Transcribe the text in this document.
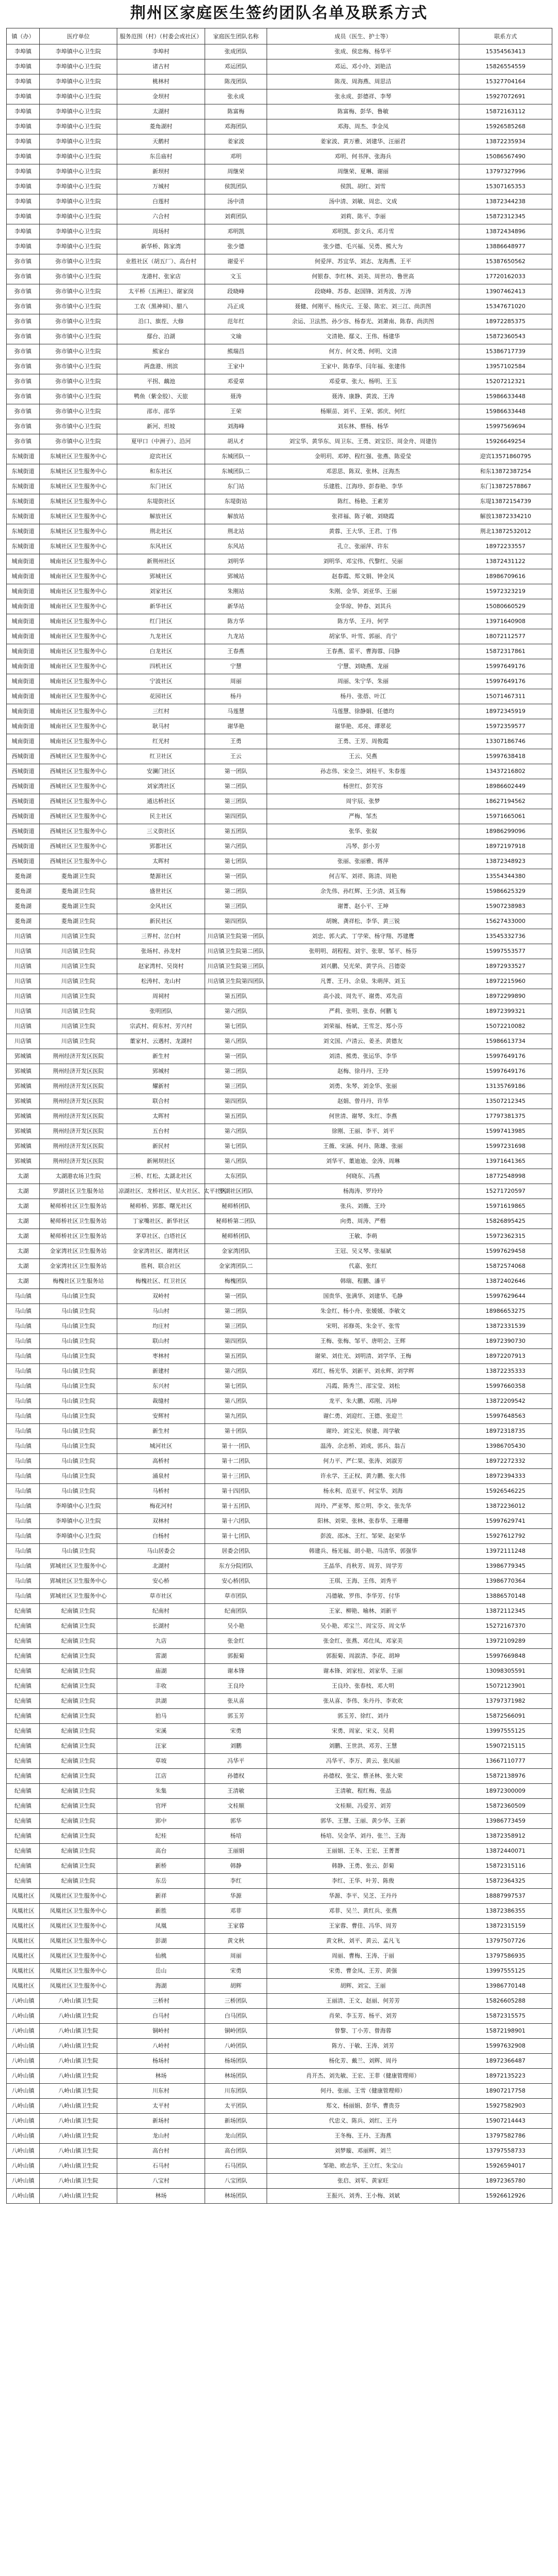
荆州区家庭医生签约团队名单及联系方式
镇（办）	医疗单位	服务范围（村）（村委会或社区）	家庭医生团队名称	成员（医生、护士等）	联系方式
李埠镇	李埠镇中心卫生院	李埠村	张成团队	张成、侯忠梅、杨华平	15354563413
李埠镇	李埠镇中心卫生院	诸古村	邓运团队	邓运、邓小玲、刘艳洁	15826554559
李埠镇	李埠镇中心卫生院	桃林村	陈茂团队	陈茂、周海燕、周思洁	15327704164
李埠镇	李埠镇中心卫生院	金坝村	张永成	张永成、彭德祥、李琴	15927072691
李埠镇	李埠镇中心卫生院	太湖村	陈富梅	陈富梅、彭华、鲁敏	15872163112
李埠镇	李埠镇中心卫生院	菱角湖村	邓海团队	邓海、周杰、李金凤	15926585268
李埠镇	李埠镇中心卫生院	天鹅村	姜家波	姜家波、黄万雅、刘建华、汪丽君	13872235934
李埠镇	李埠镇中心卫生院	东岳庙村	邓明	邓明、何书萍、张海兵	15086567490
李埠镇	李埠镇中心卫生院	新坝村	周继荣	周继荣、夏琳、谢丽	13797327996
李埠镇	李埠镇中心卫生院	万城村	侯凯团队	侯凯、胡红、刘雪	15307165353
李埠镇	李埠镇中心卫生院	白莲村	汤中清	汤中清、刘敏、周忠、文成	13872344238
李埠镇	李埠镇中心卫生院	六合村	刘莉团队	刘莉、陈平、李丽	15872312345
李埠镇	李埠镇中心卫生院	周场村	邓明凯	邓明凯、彭文兵、邓月雪	13872434896
李埠镇	李埠镇中心卫生院	新华桥、陈家湾	张少德	张少德、毛兴福、吴勇、熊大为	13886648977
弥市镇	弥市镇中心卫生院	业胜社区（胡五厂）、高台村	谢爱平	何爱萍、苏宜华、刘志、龙海燕、王平	15387650562
弥市镇	弥市镇中心卫生院	龙港村、张家店	文玉	何银春、李红林、刘美、周世功、鲁世高	17720162033
弥市镇	弥市镇中心卫生院	太平桥（五洲庄）、谢家岗	段晓峰	段晓峰、苏春、赵国锋、刘秀波、万涛	13907462413
弥市镇	弥市镇中心卫生院	工农（黑神祠）、腊八	冯正成	聂健、何刚平、杨庆元、王晏、陈宏、刘三江、尚洪图	15347671020
弥市镇	弥市镇中心卫生院	沿口、旗茬、大修	范年红	余运、卫法然、孙少容、杨春光、刘萧南、陈春、尚洪图	18972285375
弥市镇	弥市镇中心卫生院	鄢台、泊湖	文瑜	文清艳、鄢义、王伟、杨建华	15872360543
弥市镇	弥市镇中心卫生院	熊家台	熊瑞昌	何方、何文勇、何明、文清	15386717739
弥市镇	弥市镇中心卫生院	两盘港、刑滨	王家中	王家中、陈春华、闫年福、张建伟	13957102584
弥市镇	弥市镇中心卫生院	平拐、藕池	邓爱章	邓爱章、张大、杨明、王玉	15207212321
弥市镇	弥市镇中心卫生院	鸭鱼（紫金胶）、天旅	聂涛	聂涛、康静、黄波、王涛	15986633448
弥市镇	弥市镇中心卫生院	邵市、邵华	王荣	杨顺苗、刘平、王荣、郭庆、何红	15986633448
弥市镇	弥市镇中心卫生院	新河、坦坡	刘海峰	刘东林、蔡杨、杨华	15997569694
弥市镇	弥市镇中心卫生院	夏甲口（中洲子）、沿河	胡从才	刘宝华、黄华东、周卫东、王勇、刘宝臣、周金舟、周建仿	15926649254
东城街道	东城社区卫生服务中心	迎宾社区	东城团队一	金明玥、邓婷、程红强、张燕、陈爱莹	迎宾13571860795
东城街道	东城社区卫生服务中心	和东社区	东城团队二	邓思思、陈双、张林、汪海杰	和东13872387254
东城街道	东城社区卫生服务中心	东门社区	东门站	乐建胜、江海珍、彭春艳、李华	东门13872578867
东城街道	东城社区卫生服务中心	东堤街社区	东堤街站	陈红、杨艳、王素芳	东堤13872154739
东城街道	东城社区卫生服务中心	解放社区	解放站	张祥福、陈子敏、刘晓霞	解放13872334210
东城街道	东城社区卫生服务中心	荆北社区	荆北站	黄蓉、王大华、王君、丁伟	荆北13872532012
东城街道	东城社区卫生服务中心	东风社区	东风站	孔立、张丽萍、许东	18972233557
城南街道	城南社区卫生服务中心	新荆州社区	刘明华	刘明华、邓宝伟、代黎红、吴丽	13872431122
城南街道	城南社区卫生服务中心	郢城社区	郢城站	赵春霞、郑文娟、钟金凤	18986709616
城南街道	城南社区卫生服务中心	刘家社区	朱刚站	朱刚、金华、刘亚华、王丽	15972323219
城南街道	城南社区卫生服务中心	新华社区	新华站	金华琼、钟春、刘其兵	15080660529
城南街道	城南社区卫生服务中心	红门社区	陈方华	陈方华、王丹、何学	13971640908
城南街道	城南社区卫生服务中心	九龙社区	九龙站	胡家华、叶雪、郭丽、肖宁	18072112577
城南街道	城南社区卫生服务中心	白龙社区	王春燕	王春燕、雷平、曹海蓉、闫静	15872317861
城南街道	城南社区卫生服务中心	四机社区	宁慧	宁慧、刘晓燕、龙丽	15997649176
城南街道	城南社区卫生服务中心	宁波社区	周丽	周丽、朱宁华、朱丽	15997649176
城南街道	城南社区卫生服务中心	花园社区	杨丹	杨丹、张蓓、叶江	15071467311
城南街道	城南社区卫生服务中心	三红村	马莲慧	马莲慧、徐静娟、任德均	18972345919
城南街道	城南社区卫生服务中心	耿马村	谢华艳	谢华艳、邓亮、谭翠花	15972359577
城南街道	城南社区卫生服务中心	红光村	王勇	王勇、王芳、周俊霞	13307186746
西城街道	西城社区卫生服务中心	红卫社区	王云	王云、吴燕	15997638418
西城街道	西城社区卫生服务中心	安澜门社区	第一团队	孙志伟、宋金兰、刘桂平、朱春莲	13437216802
西城街道	西城社区卫生服务中心	刘家湾社区	第二团队	杨世红、彭芙容	18986602449
西城街道	西城社区卫生服务中心	通达桥社区	第三团队	周宇辰、张梦	18627194562
西城街道	西城社区卫生服务中心	民主社区	第四团队	严梅、邹杰	15971665061
西城街道	西城社区卫生服务中心	三义街社区	第五团队	张华、张叙	18986299096
西城街道	西城社区卫生服务中心	郢都社区	第六团队	冯琴、彭小芳	18972197918
西城街道	西城社区卫生服务中心	太晖村	第七团队	张丽、张丽雅、蒋萍	13872348923
菱角湖	菱角湖卫生院	楚源社区	第一团队	何吉军、刘祥、陈清、周艳	13554344380
菱角湖	菱角湖卫生院	盛世社区	第二团队	余先伟、孙红辉、王少清、刘玉梅	15986625329
菱角湖	菱角湖卫生院	金风社区	第三团队	谢菁、赵小平、王坤	15907238983
菱角湖	菱角湖卫生院	新民社区	第四团队	胡婉、龚祥松、李华、黄三锐	15627433000
川店镇	川店镇卫生院	三界村、岔白村	川店镇卫生院第一团队	刘忠、郭大武、丁学荣、杨守翔、苏建鹰	13545332736
川店镇	川店镇卫生院	张场村、孙龙村	川店镇卫生院第二团队	张明明、胡程程、刘宇、张翠、邹平、杨芬	15997553577
川店镇	川店镇卫生院	赵家湾村、吴岗村	川店镇卫生院第三团队	刘兴鹏、吴光荣、黄学兵、吕德姿	18972933527
川店镇	川店镇卫生院	松涛村、龙山村	川店镇卫生院第四团队	凡菁、王丹、余泉、朱萌萍、刘玉	18972215960
川店镇	川店镇卫生院	周祠村	第五团队	高小波、周先平、谢勇、邓先苗	18972299890
川店镇	川店镇卫生院	张明团队	第六团队	严莉、张明、张春、何鹏飞	18972399321
川店镇	川店镇卫生院	宗武村、荷东村、芳兴村	第七团队	刘荣福、杨斌、王雪芝、郑小芬	15072210082
川店镇	川店镇卫生院	董家村、云遇村、龙湖村	第八团队	刘文国、卢清云、姜圣、黄德友	15986613734
郢城镇	荆州经济开发区医院	新生村	第一团队	刘清、熊勇、张运华、李华	15997649176
郢城镇	荆州经济开发区医院	郢城村	第二团队	赵梅、徐丹丹、王玲	15997649176
郢城镇	荆州经济开发区医院	耀新村	第三团队	刘勇、朱琴、刘金华、张丽	13135769186
郢城镇	荆州经济开发区医院	联合村	第四团队	赵娟、曾丹丹、许华	13507212345
郢城镇	荆州经济开发区医院	太晖村	第五团队	何世清、谢琴、朱红、李燕	17797381375
郢城镇	荆州经济开发区医院	五台村	第六团队	徐刚、王丽、李平、刘平	15997413985
郢城镇	荆州经济开发区医院	新民村	第七团队	王薇、宋涵、何丹、陈雄、张丽	15997231698
郢城镇	荆州经济开发区医院	新闸坝社区	第八团队	刘华平、董迪迪、金涛、周琳	13971641365
太湖	太湖港农场卫生院	三桥、红松、太湖北社区	太东团队	何晓东、冯燕	18772548998
太湖	罗湖社区卫生服务站	凉湖社区、龙桥社区、星火社区、太平社区	罗湖社区团队	杨海涛、罗玲玲	15271720597
太湖	秘师桥社区卫生服务站	秘师桥、郢都、曙光社区	秘师桥团队	张兵、刘薇、王玲	15971619865
太湖	秘师桥社区卫生服务站	丁家嘴社区、新华社区	秘师桥第二团队	向勇、周涛、严楷	15826895425
太湖	秘师桥社区卫生服务站	茅草社区、白塔社区	秘师桥团队	王敏、李萌	15972362315
太湖	金家湾社区卫生服务站	金家湾社区、谢湾社区	金家湾团队	王冠、吴义琴、张福斌	15997629458
太湖	金家湾社区卫生服务站	胜利、联合社区	金家湾团队二	代嘉、张红	15872574068
太湖	梅槐社区卫生服务站	梅槐社区、红卫社区	梅槐团队	韩瑞、程鹏、潘平	13872402646
马山镇	马山镇卫生院	双岭村	第一团队	国贵华、张满华、刘建华、毛静	15997629644
马山镇	马山镇卫生院	马山村	第二团队	朱金红、杨小舟、张媛媛、李敏文	18986653275
马山镇	马山镇卫生院	均庄村	第三团队	宋明、祁修英、朱金平、张雪	13872331539
马山镇	马山镇卫生院	联山村	第四团队	王梅、张梅、邹平、唐明会、王辉	18972390730
马山镇	马山镇卫生院	枣林村	第五团队	谢荣、刘仕光、刘明清、刘学华、王梅	18972207913
马山镇	马山镇卫生院	新建村	第六团队	邓红、杨光华、刘新平、刘永辉、刘学辉	13872235333
马山镇	马山镇卫生院	东兴村	第七团队	冯霞、陈秀兰、邵宝莹、刘松	15997660358
马山镇	马山镇卫生院	裁缝村	第八团队	龙平、朱大鹏、邓刚、冯坤	13872209542
马山镇	马山镇卫生院	安辉村	第九团队	谢仁勇、刘迎红、王德、张迎兰	15997648563
马山镇	马山镇卫生院	新生村	第十团队	谢玲、刘宝光、侯建、周学敏	18972318735
马山镇	马山镇卫生院	城河社区	第十一团队	温涛、余志桥、刘成、郭兵、翁吉	13986705430
马山镇	马山镇卫生院	高桥村	第十二团队	何力平、严仁果、张涛、刘淑芳	18972272332
马山镇	马山镇卫生院	涌泉村	第十三团队	许永学、王正权、黄力鹏、张大伟	18972394333
马山镇	马山镇卫生院	马桥村	第十四团队	杨永利、范亚平、何宝华、刘海	15926546225
马山镇	李埠镇中心卫生院	梅花河村	第十五团队	周玲、严亚琴、郑立明、李文、张先华	13872236012
马山镇	李埠镇中心卫生院	双林村	第十六团队	阳林、刘荣、张林、张春华、王珊珊	15997629741
马山镇	李埠镇中心卫生院	白杨村	第十七团队	彭波、邵冰、王红、邹荣、赵荣华	15927612792
马山镇	马山镇卫生院	马山居委会	居委会团队	韩建兵、杨光福、胡小艳、马清华、郭强华	13972111248
马山镇	郢城社区卫生服务中心	北湖村	东方分院团队	王晶华、肖秋芳、周芳、周学芳	13986779345
马山镇	郢城社区卫生服务中心	安心桥	安心桥团队	王琪、王海、王伟、刘秀平	13986770364
马山镇	郢城社区卫生服务中心	草市社区	草市团队	冯德敏、罗伟、李华芳、付华	13886570148
纪南镇	纪南镇卫生院	纪南村	纪南团队	王家、柳艳、喻林、刘新平	13872112345
纪南镇	纪南镇卫生院	长湖村	吴小艳	吴小艳、邓宝兰、周宝芬、周文华	15272167370
纪南镇	纪南镇卫生院	九店	张金红	张金红、张燕、邓仕凤、邓家美	13972109289
纪南镇	纪南镇卫生院	雷湖	郭振菊	郭振菊、周淑清、李花、胡坤	15997669848
纪南镇	纪南镇卫生院	庙湖	谢本锋	谢本锋、刘家柱、刘家华、王丽	13098305591
纪南镇	纪南镇卫生院	丰收	王良玲	王良玲、张春枝、邓大明	15072123901
纪南镇	纪南镇卫生院	洪湖	张从喜	张从喜、李伟、朱丹丹、李欢欢	13797371982
纪南镇	纪南镇卫生院	拍马	郭玉芳	郭玉芳、徐红、刘丹	15872566091
纪南镇	纪南镇卫生院	宋溪	宋勇	宋勇、周家、宋义、吴莉	13997555125
纪南镇	纪南镇卫生院	汪家	刘鹏	刘鹏、王世洪、邓芳、王慧	15907215115
纪南镇	纪南镇卫生院	草坡	冯华平	冯华平、李万、黄云、张凤丽	13667110777
纪南镇	纪南镇卫生院	江店	孙德权	孙德权、张宝、蔡圣林、张大荣	15872138976
纪南镇	纪南镇卫生院	朱集	王清敏	王清敏、程红梅、张晶	18972300009
纪南镇	纪南镇卫生院	官坪	文桂顺	文桂顺、冯爱芳、刘芳	15872360509
纪南镇	纪南镇卫生院	郢中	郭华	郭华、王慧、王丽、黄少华、王新	13986773459
纪南镇	纪南镇卫生院	纪桂	杨培	杨培、吴金华、刘丹、张兰、王海	13872358912
纪南镇	纪南镇卫生院	高台	王丽娟	王丽娟、王冬、王宏、王菁菁	13872440071
纪南镇	纪南镇卫生院	新桥	韩静	韩静、王勇、张云、彭菊	15872315116
纪南镇	纪南镇卫生院	东岳	李红	李红、王华、叶芳、陈俊	15872364325
凤凰社区	凤凰社区卫生服务中心	新祥	华源	华源、李平、吴芝、王丹丹	18887997537
凤凰社区	凤凰社区卫生服务中心	新胜	邓菲	邓菲、吴兰、黄红兵、张燕	13872386355
凤凰社区	凤凰社区卫生服务中心	凤凰	王家蓉	王家蓉、曹佳、冯华、周芳	13872315159
凤凰社区	凤凰社区卫生服务中心	彭湖	黄文秋	黄文秋、刘平、黄云、孟凡飞	13797507726
凤凰社区	凤凰社区卫生服务中心	仙桃	周丽	周丽、曹梅、王涛、于丽	13797586935
凤凰社区	凤凰社区卫生服务中心	岳山	宋勇	宋勇、曹金凤、王芳、黄强	13997555125
凤凰社区	凤凰社区卫生服务中心	海湖	胡辉	胡辉、刘宝、王丽	13986770148
八岭山镇	八岭山镇卫生院	三桥村	三桥团队	王丽清、王文、赵丽、何芳芳	15826605288
八岭山镇	八岭山镇卫生院	白马村	白马团队	肖荣、李玉芳、杨平、刘芳	15872315575
八岭山镇	八岭山镇卫生院	铜岭村	铜岭团队	曾黎、丁小芳、曾海蓉	15872198901
八岭山镇	八岭山镇卫生院	八岭村	八岭团队	陈方、于敏、王涛、刘芳	15997632908
八岭山镇	八岭山镇卫生院	杨场村	杨场团队	杨化芳、戴兰、刘辉、周丹	18972366487
八岭山镇	八岭山镇卫生院	林场	林场团队	肖开杰、刘先敏、王宏、王菲（健康管理师）	18972135223
八岭山镇	八岭山镇卫生院	川东村	川东团队	何丹、张丽、王雪（健康管理师）	18907217758
八岭山镇	八岭山镇卫生院	太平村	太平团队	郑文、杨丽娟、彭华、曹贵芬	15927582903
八岭山镇	八岭山镇卫生院	新场村	新场团队	代忠义、陈兵、刘红、王丹	15907214443
八岭山镇	八岭山镇卫生院	龙山村	龙山团队	王冬梅、王丹、王海燕	13797582786
八岭山镇	八岭山镇卫生院	高台村	高台团队	刘梦璇、邓丽辉、刘兰	13797558733
八岭山镇	八岭山镇卫生院	石马村	石马团队	邹艳、欧志华、王立红、朱宝山	15926594017
八岭山镇	八岭山镇卫生院	八宝村	八宝团队	张启、刘军、黄家旺	18972365780
八岭山镇	八岭山镇卫生院	林场	林场团队	王振兴、刘秀、王小梅、刘斌	15926612926
